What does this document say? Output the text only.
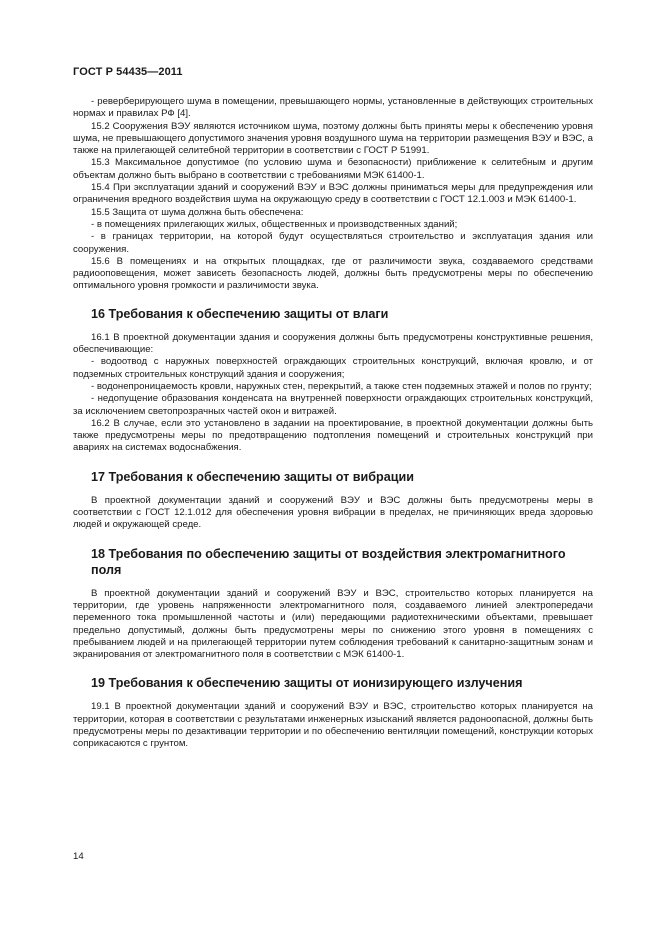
ГОСТ Р 54435—2011

- реверберирующего шума в помещении, превышающего нормы, установленные в действующих строительных нормах и правилах РФ [4].

15.2 Сооружения ВЭУ являются источником шума, поэтому должны быть приняты меры к обеспечению уровня шума, не превышающего допустимого значения уровня воздушного шума на территории размещения ВЭУ и ВЭС, а также на прилегающей селитебной территории в соответствии с ГОСТ Р 51991.

15.3 Максимальное допустимое (по условию шума и безопасности) приближение к селитебным и другим объектам должно быть выбрано в соответствии с требованиями МЭК 61400-1.

15.4 При эксплуатации зданий и сооружений ВЭУ и ВЭС должны приниматься меры для предупреждения или ограничения вредного воздействия шума на окружающую среду в соответствии с ГОСТ 12.1.003 и МЭК 61400-1.

15.5 Защита от шума должна быть обеспечена:

- в помещениях прилегающих жилых, общественных и производственных зданий;

- в границах территории, на которой будут осуществляться строительство и эксплуатация здания или сооружения.

15.6 В помещениях и на открытых площадках, где от различимости звука, создаваемого средствами радиооповещения, может зависеть безопасность людей, должны быть предусмотрены меры по обеспечению оптимального уровня громкости и различимости звука.

16 Требования к обеспечению защиты от влаги

16.1 В проектной документации здания и сооружения должны быть предусмотрены конструктивные решения, обеспечивающие:

- водоотвод с наружных поверхностей ограждающих строительных конструкций, включая кровлю, и от подземных строительных конструкций здания и сооружения;

- водонепроницаемость кровли, наружных стен, перекрытий, а также стен подземных этажей и полов по грунту;

- недопущение образования конденсата на внутренней поверхности ограждающих строительных конструкций, за исключением светопрозрачных частей окон и витражей.

16.2 В случае, если это установлено в задании на проектирование, в проектной документации должны быть также предусмотрены меры по предотвращению подтопления помещений и строительных конструкций при авариях на системах водоснабжения.

17 Требования к обеспечению защиты от вибрации

В проектной документации зданий и сооружений ВЭУ и ВЭС должны быть предусмотрены меры в соответствии с ГОСТ 12.1.012 для обеспечения уровня вибрации в пределах, не причиняющих вреда здоровью людей и окружающей среде.

18 Требования по обеспечению защиты от воздействия электромагнитного поля

В проектной документации зданий и сооружений ВЭУ и ВЭС, строительство которых планируется на территории, где уровень напряженности электромагнитного поля, создаваемого линией электропередачи переменного тока промышленной частоты и (или) передающими радиотехническими объектами, превышает предельно допустимый, должны быть предусмотрены меры по снижению этого уровня в помещениях с пребыванием людей и на прилегающей территории путем соблюдения требований к санитарно-защитным зонам и экранирования от электромагнитного поля в соответствии с МЭК 61400-1.

19 Требования к обеспечению защиты от ионизирующего излучения

19.1 В проектной документации зданий и сооружений ВЭУ и ВЭС, строительство которых планируется на территории, которая в соответствии с результатами инженерных изысканий является радоноопасной, должны быть предусмотрены меры по дезактивации территории и по обеспечению вентиляции помещений, конструкции которых соприкасаются с грунтом.

14
